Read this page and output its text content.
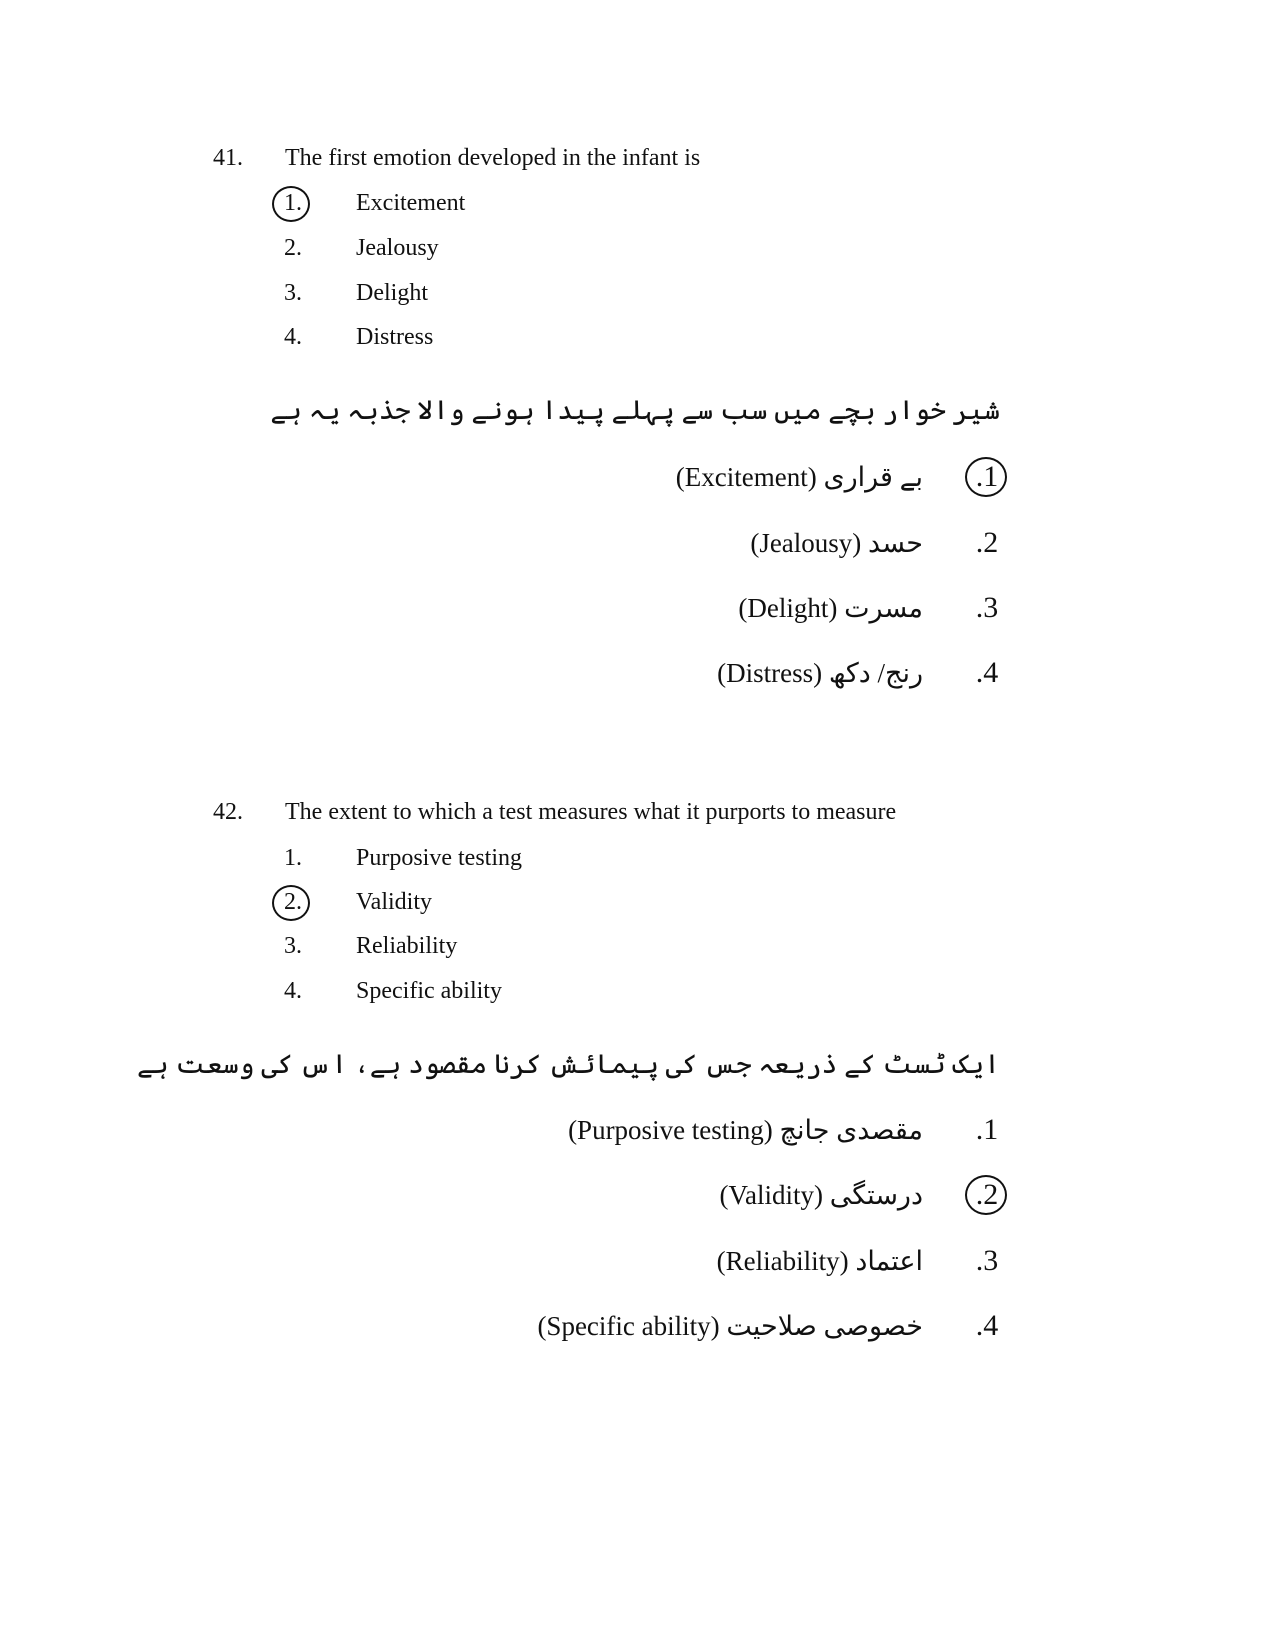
41. The first emotion developed in the infant is
1.	Excitement
2.	Jealousy
3.	Delight
4.	Distress
شیر خوار بچے میں سب سے پہلے پیدا ہونے والا جذبہ یہ ہے
.1
(Excitement) بے قراری
.2
(Jealousy) حسد
.3
(Delight) مسرت
.4
(Distress) رنج/ دکھ
42. The extent to which a test measures what it purports to measure
1.	Purposive testing
2.	Validity
3.	Reliability
4.	Specific ability
ایک ٹسٹ کے ذریعہ جس کی پیمائش کرنا مقصود ہے، اس کی وسعت ہے
.1
(Purposive testing) مقصدی جانچ
.2
(Validity) درستگی
.3
(Reliability) اعتماد
.4
(Specific ability) خصوصی صلاحیت
